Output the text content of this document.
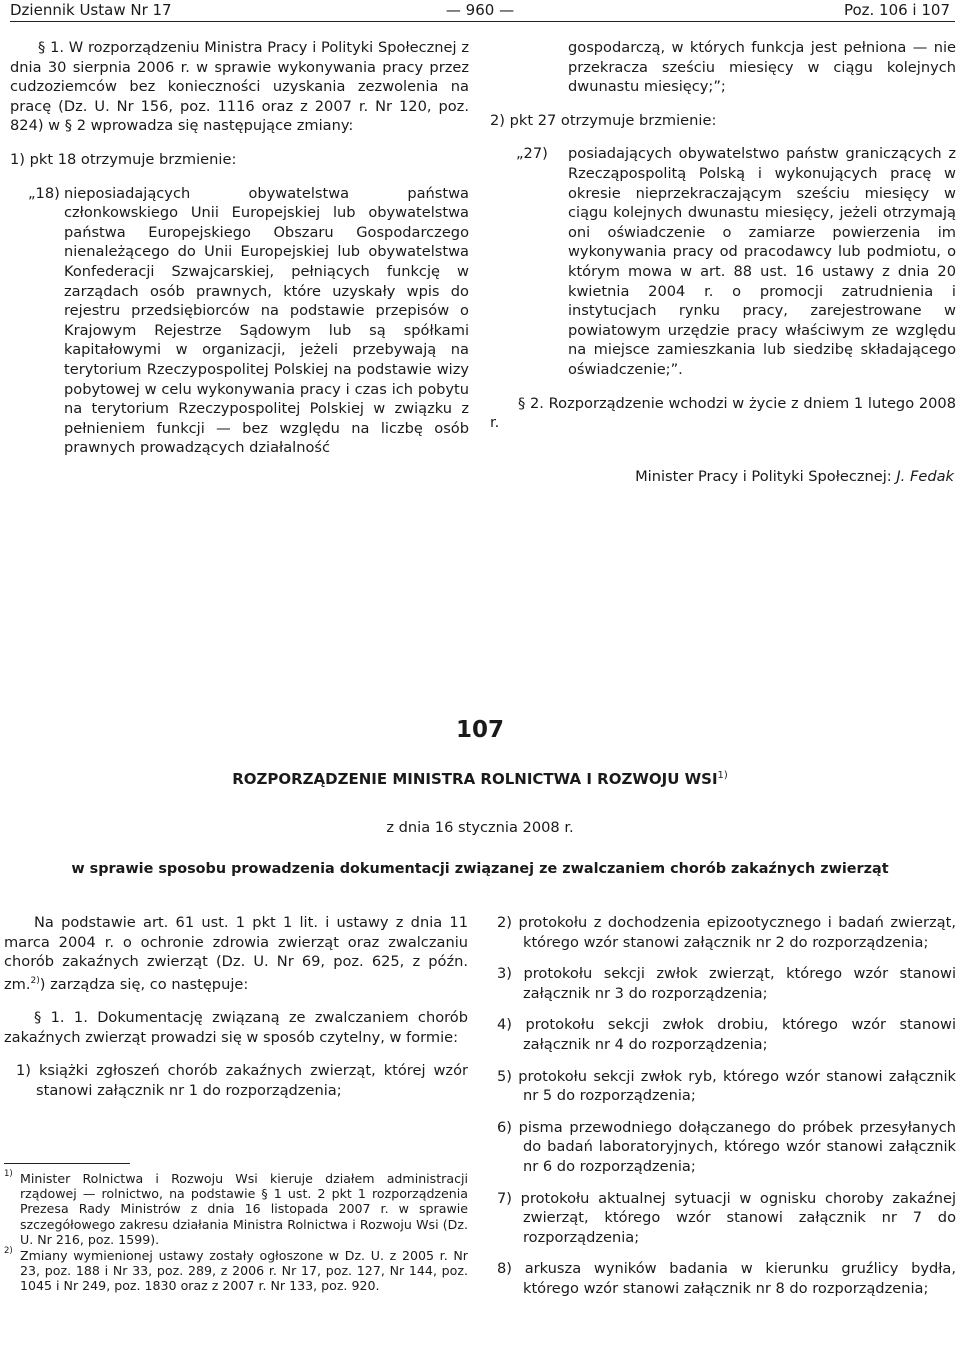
Dziennik Ustaw Nr 17	— 960 —	Poz. 106 i 107

§ 1. W rozporządzeniu Ministra Pracy i Polityki Społecznej z dnia 30 sierpnia 2006 r. w sprawie wykonywania pracy przez cudzoziemców bez konieczności uzyskania zezwolenia na pracę (Dz. U. Nr 156, poz. 1116 oraz z 2007 r. Nr 120, poz. 824) w § 2 wprowadza się następujące zmiany:

1) pkt 18 otrzymuje brzmienie:

„18) nieposiadających obywatelstwa państwa członkowskiego Unii Europejskiej lub obywatelstwa państwa Europejskiego Obszaru Gospodarczego nienależącego do Unii Europejskiej lub obywatelstwa Konfederacji Szwajcarskiej, pełniących funkcję w zarządach osób prawnych, które uzyskały wpis do rejestru przedsiębiorców na podstawie przepisów o Krajowym Rejestrze Sądowym lub są spółkami kapitałowymi w organizacji, jeżeli przebywają na terytorium Rzeczypospolitej Polskiej na podstawie wizy pobytowej w celu wykonywania pracy i czas ich pobytu na terytorium Rzeczypospolitej Polskiej w związku z pełnieniem funkcji — bez względu na liczbę osób prawnych prowadzących działalność

gospodarczą, w których funkcja jest pełniona — nie przekracza sześciu miesięcy w ciągu kolejnych dwunastu miesięcy;”;

2) pkt 27 otrzymuje brzmienie:

„27) posiadających obywatelstwo państw graniczących z Rzecząpospolitą Polską i wykonujących pracę w okresie nieprzekraczającym sześciu miesięcy w ciągu kolejnych dwunastu miesięcy, jeżeli otrzymają oni oświadczenie o zamiarze powierzenia im wykonywania pracy od pracodawcy lub podmiotu, o którym mowa w art. 88 ust. 16 ustawy z dnia 20 kwietnia 2004 r. o promocji zatrudnienia i instytucjach rynku pracy, zarejestrowane w powiatowym urzędzie pracy właściwym ze względu na miejsce zamieszkania lub siedzibę składającego oświadczenie;”.

§ 2. Rozporządzenie wchodzi w życie z dniem 1 lutego 2008 r.

Minister Pracy i Polityki Społecznej: J. Fedak

107
ROZPORZĄDZENIE MINISTRA ROLNICTWA I ROZWOJU WSI$^{1)}$
z dnia 16 stycznia 2008 r.
w sprawie sposobu prowadzenia dokumentacji związanej ze zwalczaniem chorób zakaźnych zwierząt

Na podstawie art. 61 ust. 1 pkt 1 lit. i ustawy z dnia 11 marca 2004 r. o ochronie zdrowia zwierząt oraz zwalczaniu chorób zakaźnych zwierząt (Dz. U. Nr 69, poz. 625, z późn. zm.$^{2)}$) zarządza się, co następuje:

§ 1. 1. Dokumentację związaną ze zwalczaniem chorób zakaźnych zwierząt prowadzi się w sposób czytelny, w formie:

1) książki zgłoszeń chorób zakaźnych zwierząt, której wzór stanowi załącznik nr 1 do rozporządzenia;

1) Minister Rolnictwa i Rozwoju Wsi kieruje działem administracji rządowej — rolnictwo, na podstawie § 1 ust. 2 pkt 1 rozporządzenia Prezesa Rady Ministrów z dnia 16 listopada 2007 r. w sprawie szczegółowego zakresu działania Ministra Rolnictwa i Rozwoju Wsi (Dz. U. Nr 216, poz. 1599).

2) Zmiany wymienionej ustawy zostały ogłoszone w Dz. U. z 2005 r. Nr 23, poz. 188 i Nr 33, poz. 289, z 2006 r. Nr 17, poz. 127, Nr 144, poz. 1045 i Nr 249, poz. 1830 oraz z 2007 r. Nr 133, poz. 920.

2) protokołu z dochodzenia epizootycznego i badań zwierząt, którego wzór stanowi załącznik nr 2 do rozporządzenia;

3) protokołu sekcji zwłok zwierząt, którego wzór stanowi załącznik nr 3 do rozporządzenia;

4) protokołu sekcji zwłok drobiu, którego wzór stanowi załącznik nr 4 do rozporządzenia;

5) protokołu sekcji zwłok ryb, którego wzór stanowi załącznik nr 5 do rozporządzenia;

6) pisma przewodniego dołączanego do próbek przesyłanych do badań laboratoryjnych, którego wzór stanowi załącznik nr 6 do rozporządzenia;

7) protokołu aktualnej sytuacji w ognisku choroby zakaźnej zwierząt, którego wzór stanowi załącznik nr 7 do rozporządzenia;

8) arkusza wyników badania w kierunku gruźlicy bydła, którego wzór stanowi załącznik nr 8 do rozporządzenia;
